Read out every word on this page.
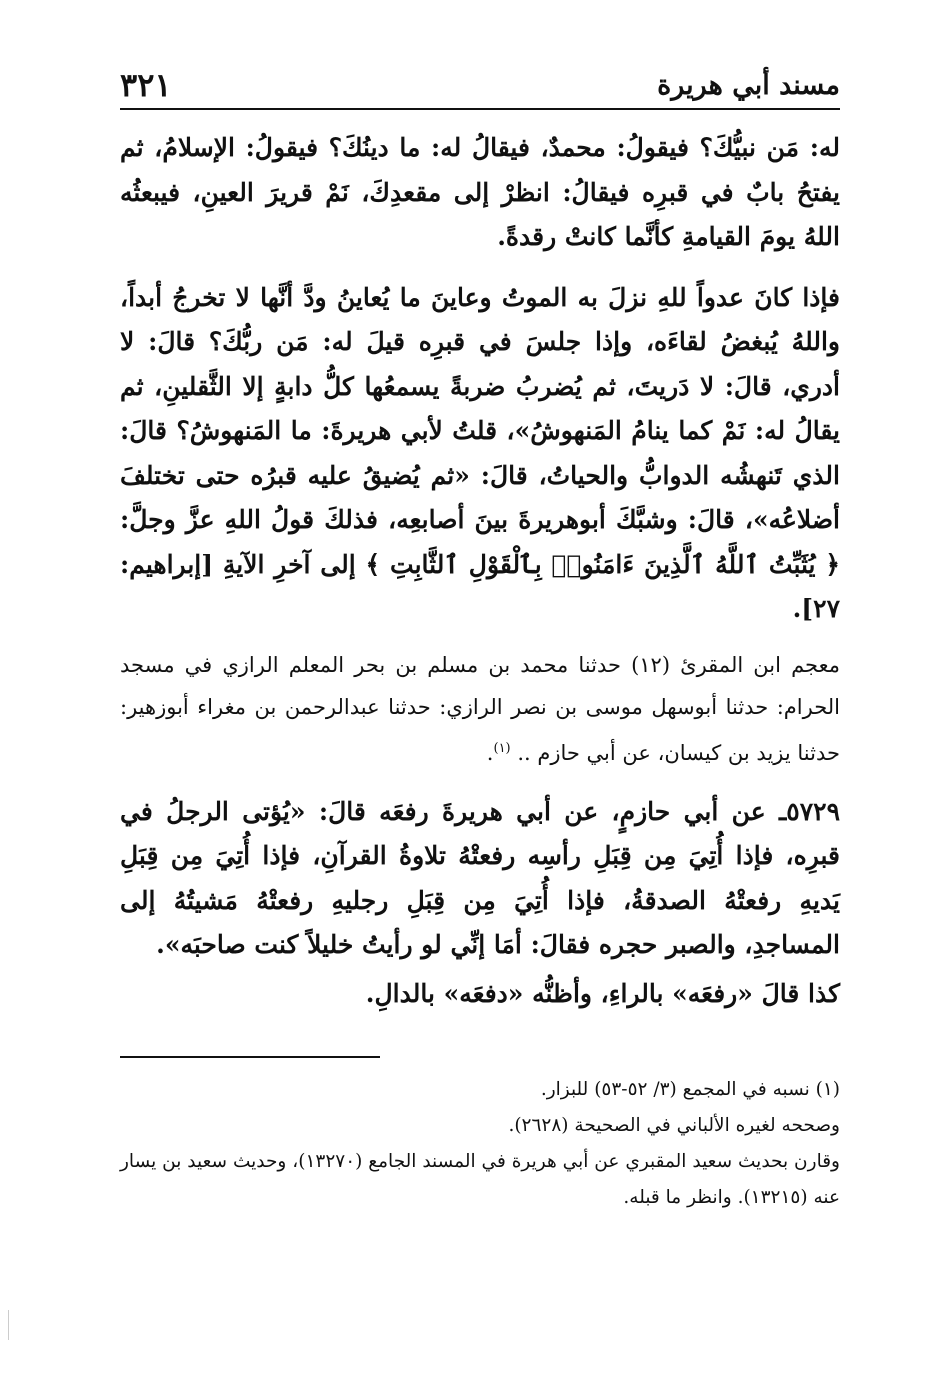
مسند أبي هريرة
٣٢١

له: مَن نبيُّكَ؟ فيقولُ: محمدٌ، فيقالُ له: ما دينُكَ؟ فيقولُ: الإسلامُ، ثم يفتحُ بابٌ في قبرِه فيقالُ: انظرْ إلى مقعدِكَ، نَمْ قريرَ العينِ، فيبعثُه اللهُ يومَ القيامةِ كأنَّما كانتْ رقدةً.

فإذا كانَ عدواً للهِ نزلَ به الموتُ وعاينَ ما يُعاينُ ودَّ أنَّها لا تخرجُ أبداً، واللهُ يُبغضُ لقاءَه، وإذا جلسَ في قبرِه قيلَ له: مَن ربُّكَ؟ قالَ: لا أدري، قالَ: لا دَريتَ، ثم يُضربُ ضربةً يسمعُها كلُّ دابةٍ إلا الثَّقلينِ، ثم يقالُ له: نَمْ كما ينامُ المَنهوشُ»، قلتُ لأبي هريرةَ: ما المَنهوشُ؟ قالَ: الذي تَنهشُه الدوابُّ والحياتُ، قالَ: «ثم يُضيقُ عليه قبرُه حتى تختلفَ أضلاعُه»، قالَ: وشبَّكَ أبوهريرةَ بينَ أصابعِه، فذلكَ قولُ اللهِ عزَّ وجلَّ: ﴿ يُثَبِّتُ ٱللَّهُ ٱلَّذِينَ ءَامَنُوا۟ بِٱلْقَوْلِ ٱلثَّابِتِ ﴾ إلى آخرِ الآيةِ [إبراهيم: ٢٧].

معجم ابن المقرئ (١٢) حدثنا محمد بن مسلم بن بحر المعلم الرازي في مسجد الحرام: حدثنا أبوسهل موسى بن نصر الرازي: حدثنا عبدالرحمن بن مغراء أبوزهير: حدثنا يزيد بن كيسان، عن أبي حازم .. $^{(١)}$.

٥٧٢٩ـ عن أبي حازمٍ، عن أبي هريرةَ رفعَه قالَ: «يُؤتى الرجلُ في قبرِه، فإذا أُتِيَ مِن قِبَلِ رأسِه رفعتْهُ تلاوةُ القرآنِ، فإذا أُتِيَ مِن قِبَلِ يَديهِ رفعتْهُ الصدقةُ، فإذا أُتِيَ مِن قِبَلِ رجليهِ رفعتْهُ مَشيتُهُ إلى المساجدِ، والصبر حجره فقالَ: أمَا إنِّي لو رأيتُ خليلاً كنت صاحبَه».

كذا قالَ «رفعَه» بالراءِ، وأظنُّه «دفعَه» بالدالِ.

(١) نسبه في المجمع (٣/ ٥٢-٥٣) للبزار.

وصححه لغيره الألباني في الصحيحة (٢٦٢٨).

وقارن بحديث سعيد المقبري عن أبي هريرة في المسند الجامع (١٣٢٧٠)، وحديث سعيد بن يسار عنه (١٣٢١٥). وانظر ما قبله.
